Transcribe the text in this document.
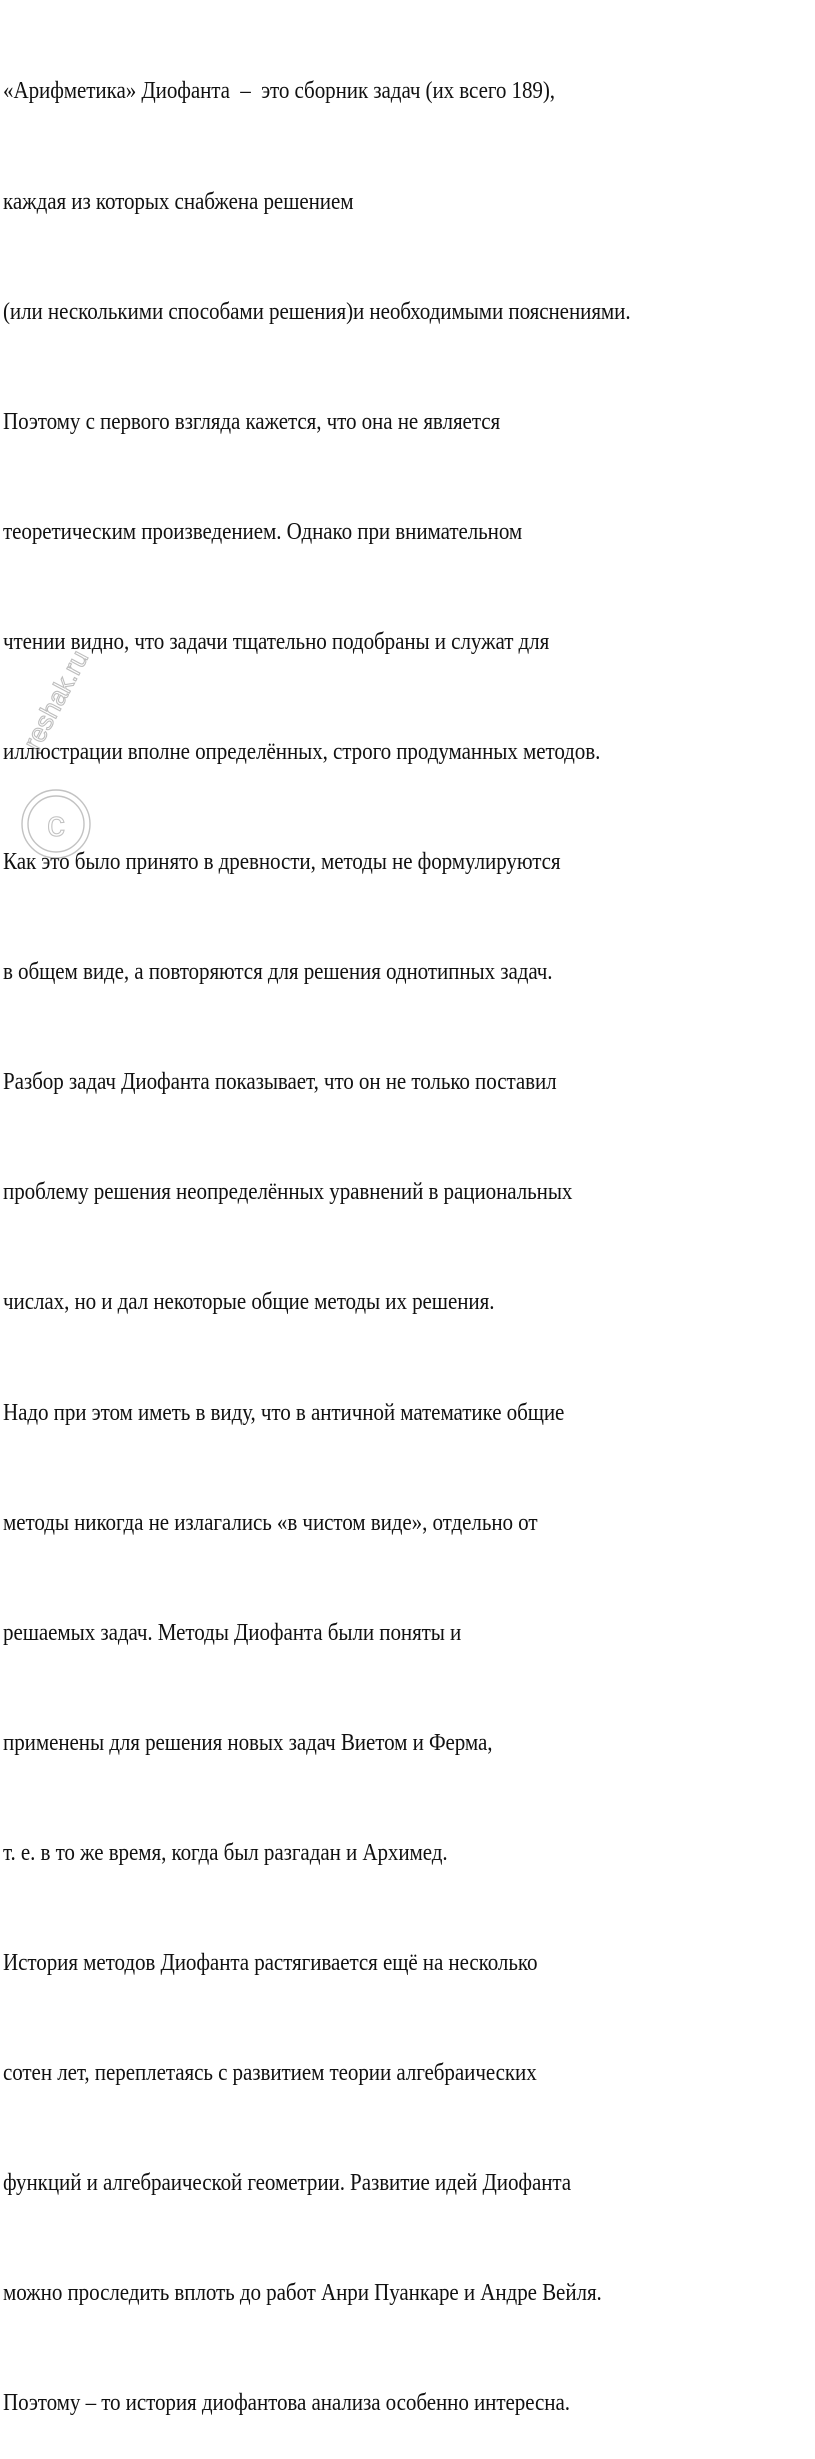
«Арифметика» Диофанта  –  это сборник задач (их всего 189),

каждая из которых снабжена решением

(или несколькими способами решения)и необходимыми пояснениями.

Поэтому с первого взгляда кажется, что она не является

теоретическим произведением. Однако при внимательном

чтении видно, что задачи тщательно подобраны и служат для

иллюстрации вполне определённых, строго продуманных методов.

Как это было принято в древности, методы не формулируются

в общем виде, а повторяются для решения однотипных задач.

Разбор задач Диофанта показывает, что он не только поставил

проблему решения неопределённых уравнений в рациональных

числах, но и дал некоторые общие методы их решения.

Надо при этом иметь в виду, что в античной математике общие

методы никогда не излагались «в чистом виде», отдельно от

решаемых задач. Методы Диофанта были поняты и

применены для решения новых задач Виетом и Ферма,

т. е. в то же время, когда был разгадан и Архимед.

История методов Диофанта растягивается ещё на несколько

сотен лет, переплетаясь с развитием теории алгебраических

функций и алгебраической геометрии. Развитие идей Диофанта

можно проследить вплоть до работ Анри Пуанкаре и Андре Вейля.

Поэтому – то история диофантова анализа особенно интересна.

c
reshak.ru
